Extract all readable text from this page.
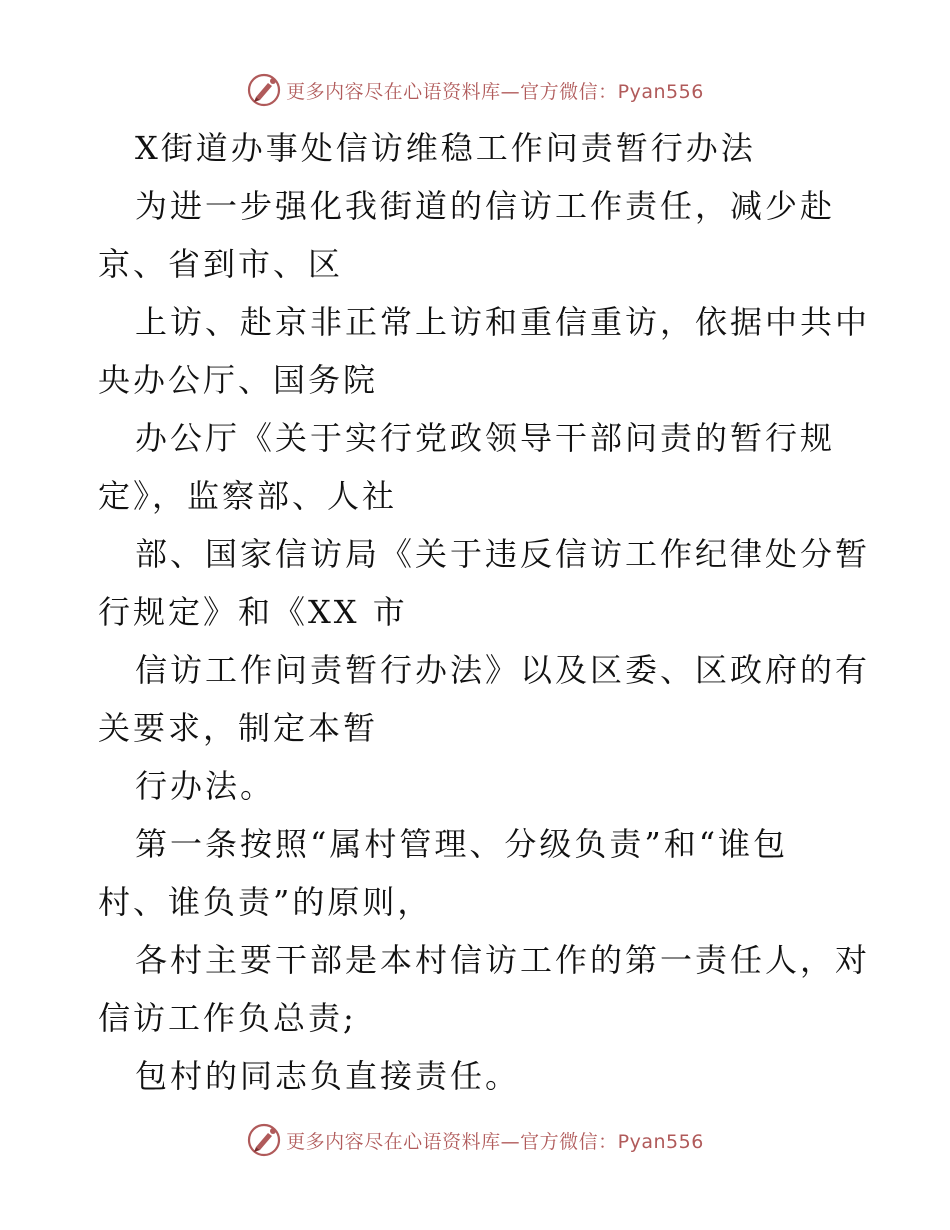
更多内容尽在心语资料库—官方微信：Pyan556
X街道办事处信访维稳工作问责暂行办法
为进一步强化我街道的信访工作责任，减少赴
京、省到市、区
上访、赴京非正常上访和重信重访，依据中共中
央办公厅、国务院
办公厅《关于实行党政领导干部问责的暂行规
定》，监察部、人社
部、国家信访局《关于违反信访工作纪律处分暂
行规定》和《XX 市
信访工作问责暂行办法》以及区委、区政府的有
关要求，制定本暂
行办法。
第一条按照“属村管理、分级负责”和“谁包
村、谁负责”的原则，
各村主要干部是本村信访工作的第一责任人，对
信访工作负总责;
包村的同志负直接责任。
更多内容尽在心语资料库—官方微信：Pyan556
